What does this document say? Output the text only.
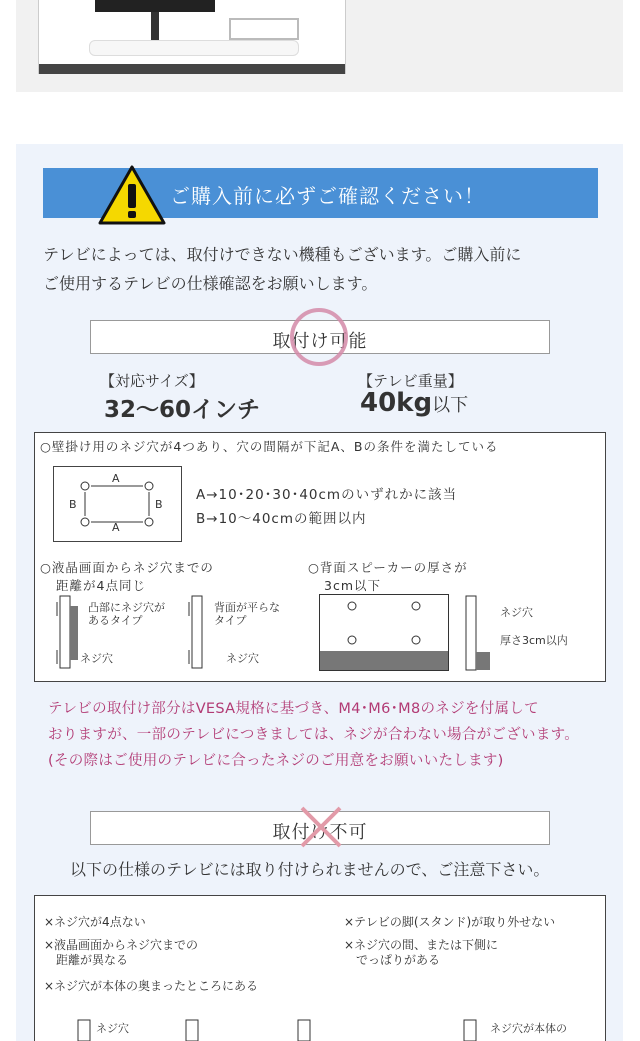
ご購入前に必ずご確認ください！
テレビによっては、取付けできない機種もございます。ご購入前に
ご使用するテレビの仕様確認をお願いします。
取付け可能
【対応サイズ】
32〜60インチ
【テレビ重量】
40kg以下
○壁掛け用のネジ穴が4つあり、穴の間隔が下記A、Bの条件を満たしている
A
A
B	B
A→10･20･30･40cmのいずれかに該当
B→10〜40cmの範囲以内
○液晶画面からネジ穴までの
距離が4点同じ
○背面スピーカーの厚さが
3cm以下
凸部にネジ穴が
あるタイプ
ネジ穴
背面が平らな
タイプ
ネジ穴
ネジ穴
厚さ3cm以内
テレビの取付け部分はVESA規格に基づき、M4･M6･M8のネジを付属して
おりますが、一部のテレビにつきましては、ネジが合わない場合がございます。
(その際はご使用のテレビに合ったネジのご用意をお願いいたします)
取付け不可
以下の仕様のテレビには取り付けられませんので、ご注意下さい。
×ネジ穴が4点ない
×液晶画面からネジ穴までの
距離が異なる
×ネジ穴が本体の奥まったところにある
×テレビの脚(スタンド)が取り外せない
×ネジ穴の間、または下側に
でっぱりがある
ネジ穴	ネジ穴が本体の
